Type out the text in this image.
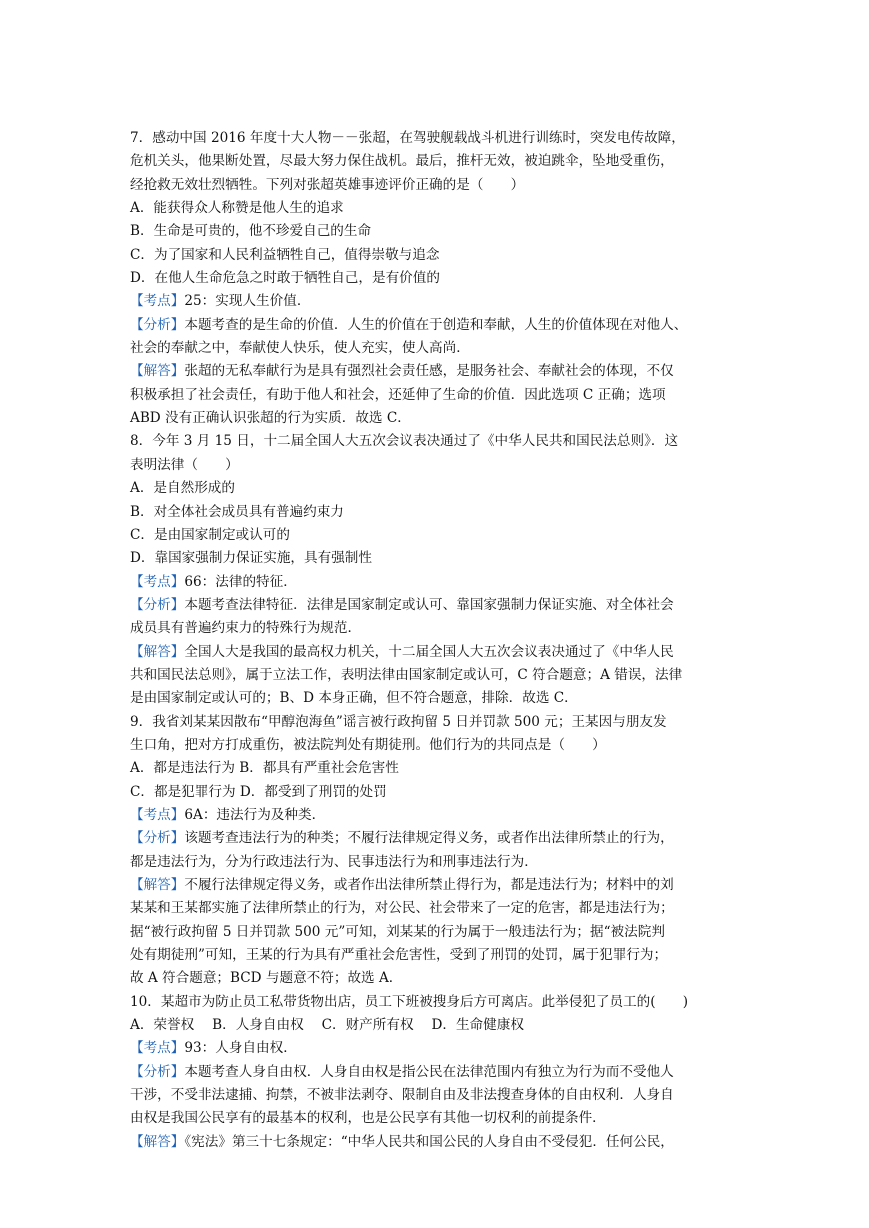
7．感动中国 2016 年度十大人物－－张超，在驾驶舰载战斗机进行训练时，突发电传故障，
危机关头，他果断处置，尽最大努力保住战机。最后，推杆无效，被迫跳伞，坠地受重伤，
经抢救无效壮烈牺牲。下列对张超英雄事迹评价正确的是（　　）
A．能获得众人称赞是他人生的追求
B．生命是可贵的，他不珍爱自己的生命
C．为了国家和人民利益牺牲自己，值得崇敬与追念
D．在他人生命危急之时敢于牺牲自己，是有价值的
【考点】25：实现人生价值．
【分析】本题考查的是生命的价值．人生的价值在于创造和奉献，人生的价值体现在对他人、
社会的奉献之中，奉献使人快乐，使人充实，使人高尚．
【解答】张超的无私奉献行为是具有强烈社会责任感，是服务社会、奉献社会的体现，不仅
积极承担了社会责任，有助于他人和社会，还延伸了生命的价值．因此选项 C 正确；选项
ABD 没有正确认识张超的行为实质．故选 C．
8．今年 3 月 15 日，十二届全国人大五次会议表决通过了《中华人民共和国民法总则》．这
表明法律（　　）
A．是自然形成的
B．对全体社会成员具有普遍约束力
C．是由国家制定或认可的
D．靠国家强制力保证实施，具有强制性
【考点】66：法律的特征．
【分析】本题考查法律特征．法律是国家制定或认可、靠国家强制力保证实施、对全体社会
成员具有普遍约束力的特殊行为规范．
【解答】全国人大是我国的最高权力机关，十二届全国人大五次会议表决通过了《中华人民
共和国民法总则》，属于立法工作，表明法律由国家制定或认可，C 符合题意；A 错误，法律
是由国家制定或认可的；B、D 本身正确，但不符合题意，排除．故选 C．
9．我省刘某某因散布“甲醇泡海鱼”谣言被行政拘留 5 日并罚款 500 元；王某因与朋友发
生口角，把对方打成重伤，被法院判处有期徒刑。他们行为的共同点是（　　）
A．都是违法行为 B．都具有严重社会危害性
C．都是犯罪行为 D．都受到了刑罚的处罚
【考点】6A：违法行为及种类．
【分析】该题考查违法行为的种类；不履行法律规定得义务，或者作出法律所禁止的行为，
都是违法行为，分为行政违法行为、民事违法行为和刑事违法行为．
【解答】不履行法律规定得义务，或者作出法律所禁止得行为，都是违法行为；材料中的刘
某某和王某都实施了法律所禁止的行为，对公民、社会带来了一定的危害，都是违法行为；
据“被行政拘留 5 日并罚款 500 元”可知，刘某某的行为属于一般违法行为；据“被法院判
处有期徒刑”可知，王某的行为具有严重社会危害性，受到了刑罚的处罚，属于犯罪行为；
故 A 符合题意；BCD 与题意不符；故选 A．
10．某超市为防止员工私带货物出店，员工下班被搜身后方可离店。此举侵犯了员工的(　　)
A．荣誉权　 B．人身自由权　 C．财产所有权　 D．生命健康权
【考点】93：人身自由权．
【分析】本题考查人身自由权．人身自由权是指公民在法律范围内有独立为行为而不受他人
干涉，不受非法逮捕、拘禁，不被非法剥夺、限制自由及非法搜查身体的自由权利．人身自
由权是我国公民享有的最基本的权利，也是公民享有其他一切权利的前提条件．
【解答】《宪法》第三十七条规定：“中华人民共和国公民的人身自由不受侵犯．任何公民，
